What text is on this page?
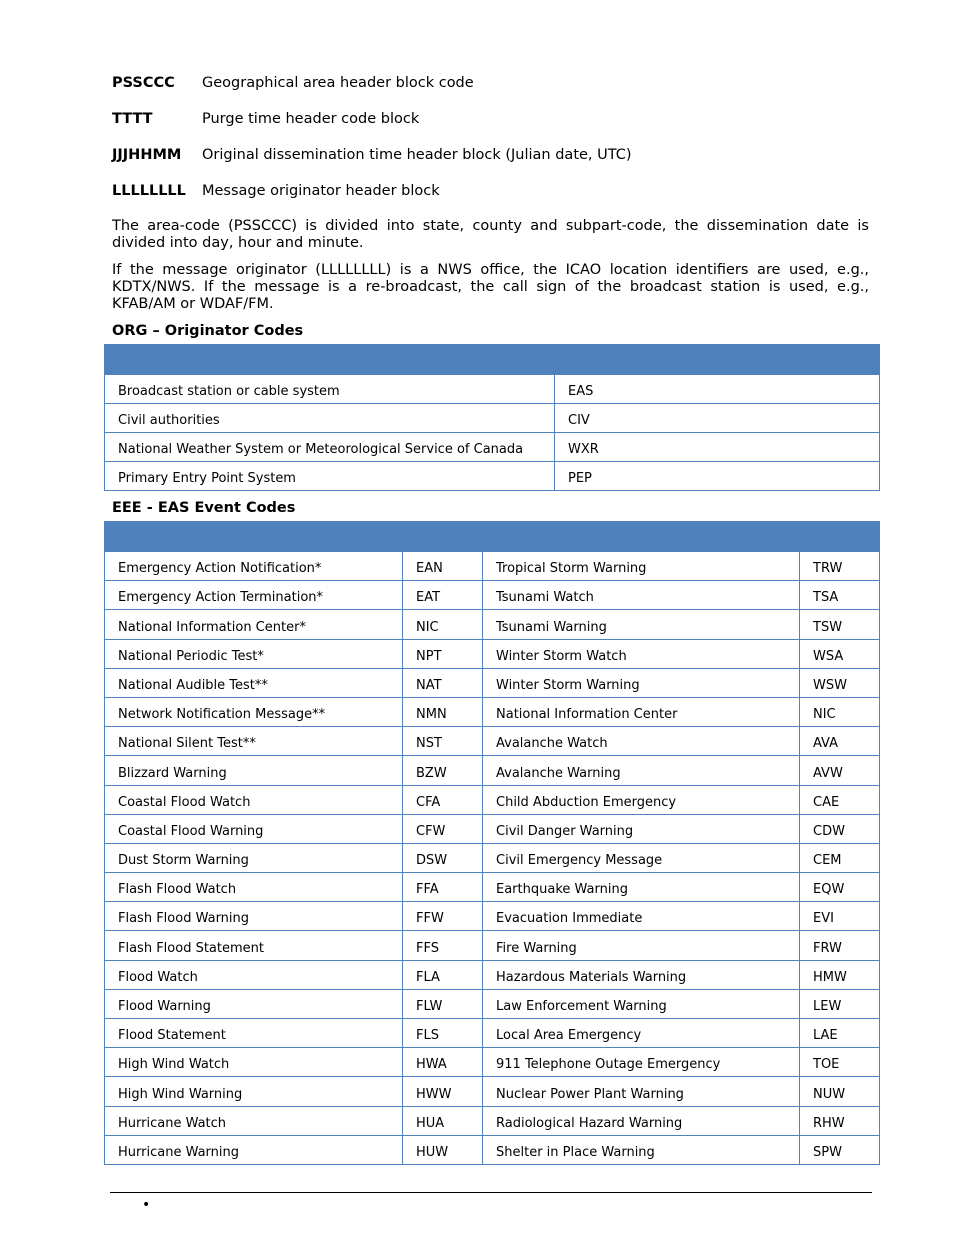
PSSCCC Geographical area header block code
TTTT	Purge time header code block
JJJHHMM Original dissemination time header block (Julian date, UTC)
LLLLLLLL Message originator header block

The area-code (PSSCCC) is divided into state, county and subpart-code, the dissemination date is divided into day, hour and minute.

If the message originator (LLLLLLLL) is a NWS office, the ICAO location identifiers are used, e.g., KDTX/NWS. If the message is a re-broadcast, the call sign of the broadcast station is used, e.g., KFAB/AM or WDAF/FM.

ORG – Originator Codes

Broadcast station or cable system	EAS
Civil authorities	CIV
National Weather System or Meteorological Service of Canada	WXR
Primary Entry Point System	PEP
EEE - EAS Event Codes

Emergency Action Notification*	EAN	Tropical Storm Warning	TRW
Emergency Action Termination*	EAT	Tsunami Watch	TSA
National Information Center*	NIC	Tsunami Warning	TSW
National Periodic Test*	NPT	Winter Storm Watch	WSA
National Audible Test**	NAT	Winter Storm Warning	WSW
Network Notification Message**	NMN	National Information Center	NIC
National Silent Test**	NST	Avalanche Watch	AVA
Blizzard Warning	BZW	Avalanche Warning	AVW
Coastal Flood Watch	CFA	Child Abduction Emergency	CAE
Coastal Flood Warning	CFW	Civil Danger Warning	CDW
Dust Storm Warning	DSW	Civil Emergency Message	CEM
Flash Flood Watch	FFA	Earthquake Warning	EQW
Flash Flood Warning	FFW	Evacuation Immediate	EVI
Flash Flood Statement	FFS	Fire Warning	FRW
Flood Watch	FLA	Hazardous Materials Warning	HMW
Flood Warning	FLW	Law Enforcement Warning	LEW
Flood Statement	FLS	Local Area Emergency	LAE
High Wind Watch	HWA	911 Telephone Outage Emergency	TOE
High Wind Warning	HWW	Nuclear Power Plant Warning	NUW
Hurricane Watch	HUA	Radiological Hazard Warning	RHW
Hurricane Warning	HUW	Shelter in Place Warning	SPW
•
